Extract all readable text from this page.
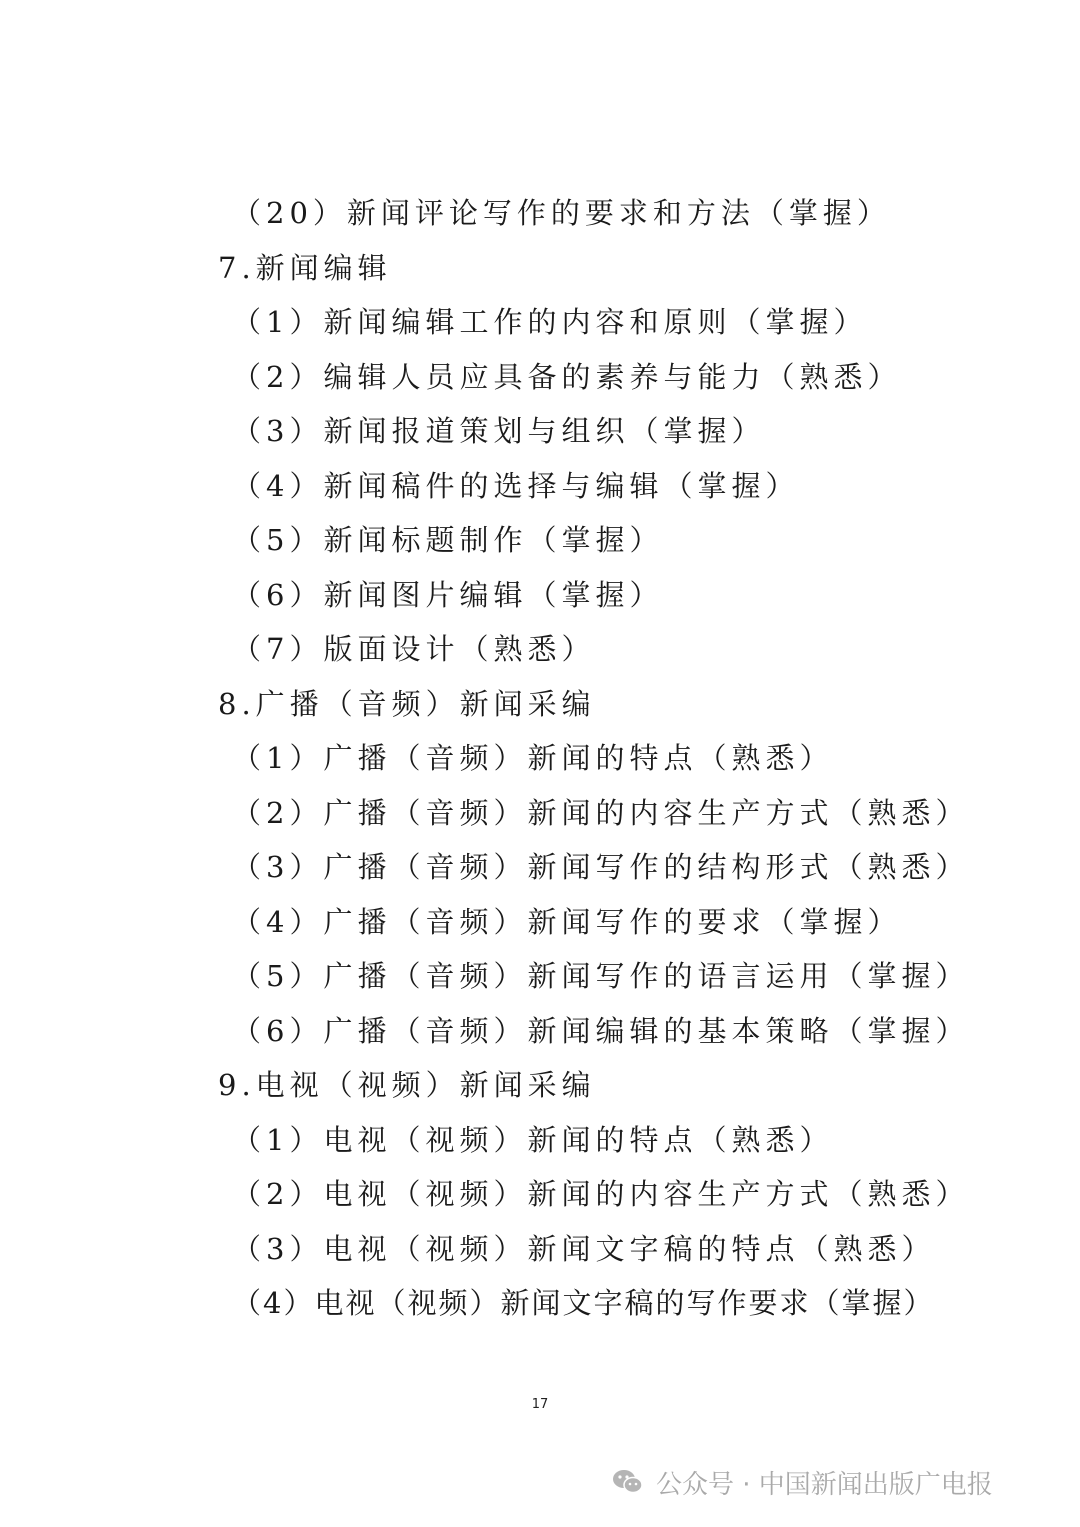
（20）新闻评论写作的要求和方法（掌握）
7.新闻编辑
（1）新闻编辑工作的内容和原则（掌握）
（2）编辑人员应具备的素养与能力（熟悉）
（3）新闻报道策划与组织（掌握）
（4）新闻稿件的选择与编辑（掌握）
（5）新闻标题制作（掌握）
（6）新闻图片编辑（掌握）
（7）版面设计（熟悉）
8.广播（音频）新闻采编
（1）广播（音频）新闻的特点（熟悉）
（2）广播（音频）新闻的内容生产方式（熟悉）
（3）广播（音频）新闻写作的结构形式（熟悉）
（4）广播（音频）新闻写作的要求（掌握）
（5）广播（音频）新闻写作的语言运用（掌握）
（6）广播（音频）新闻编辑的基本策略（掌握）
9.电视（视频）新闻采编
（1）电视（视频）新闻的特点（熟悉）
（2）电视（视频）新闻的内容生产方式（熟悉）
（3）电视（视频）新闻文字稿的特点（熟悉）
（4）电视（视频）新闻文字稿的写作要求（掌握）
17
公众号 · 中国新闻出版广电报
